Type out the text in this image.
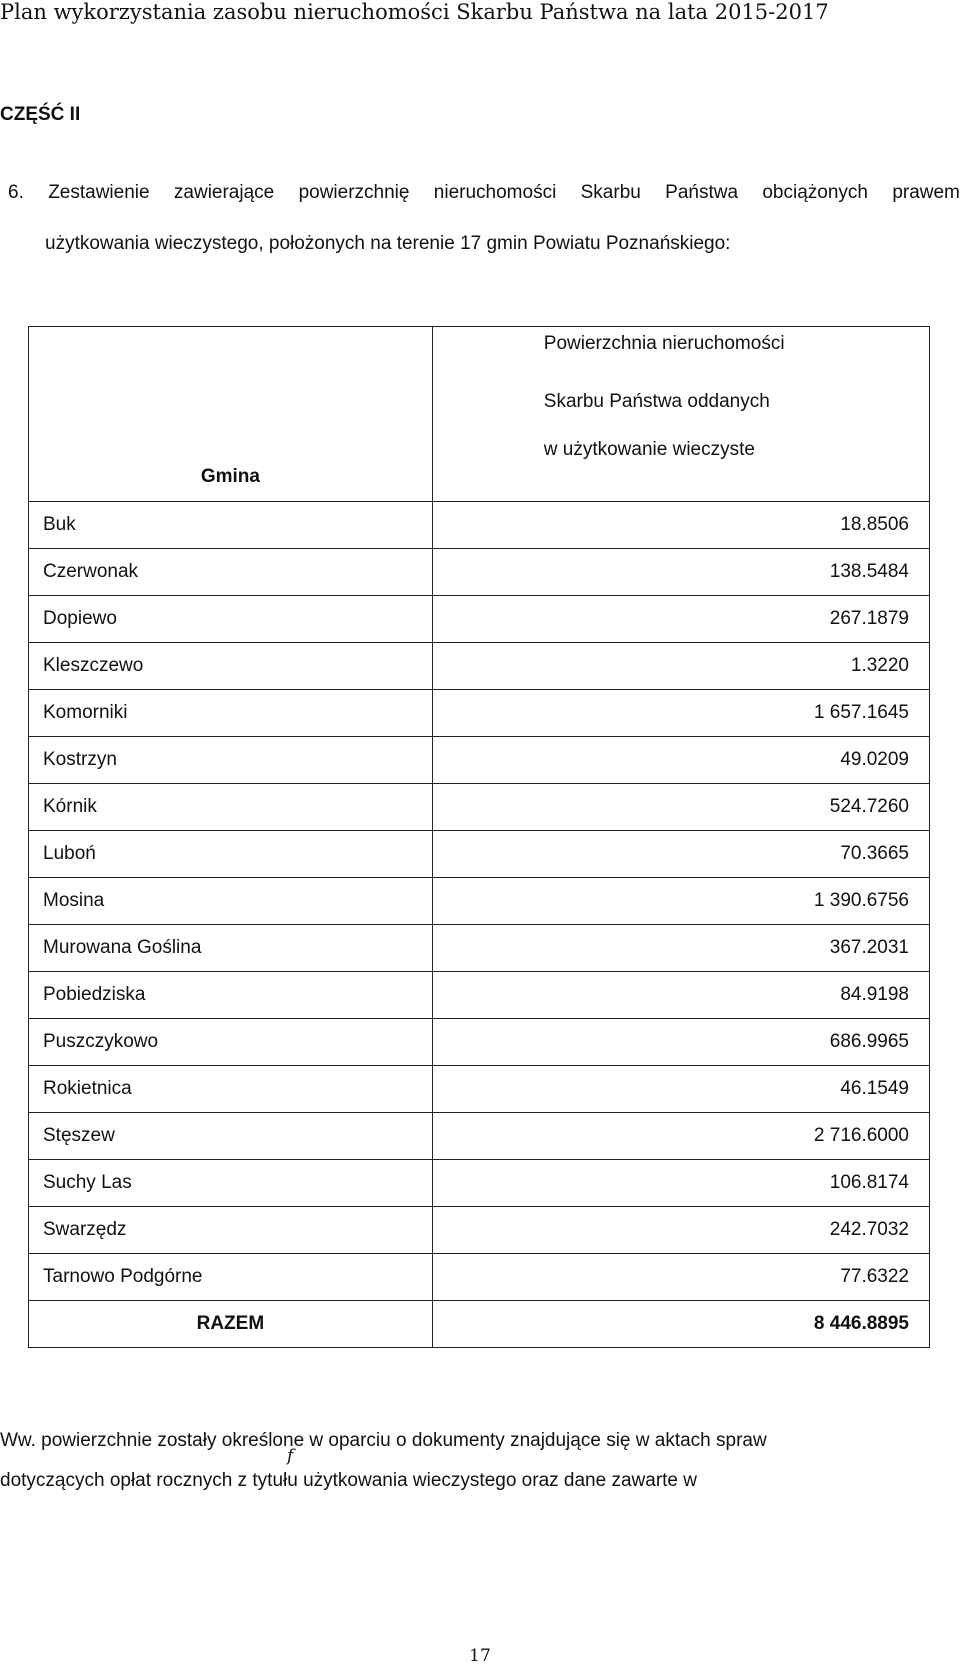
Plan wykorzystania zasobu nieruchomości Skarbu Państwa na lata 2015-2017
CZĘŚĆ II
6. Zestawienie zawierające powierzchnię nieruchomości Skarbu Państwa obciążonych prawem
użytkowania wieczystego, położonych na terenie 17 gmin Powiatu Poznańskiego:
Gmina	Powierzchnia nieruchomości
Skarbu Państwa oddanych
w użytkowanie wieczyste

Buk	18.8506
Czerwonak	138.5484
Dopiewo	267.1879
Kleszczewo	1.3220
Komorniki	1 657.1645
Kostrzyn	49.0209
Kórnik	524.7260
Luboń	70.3665
Mosina	1 390.6756
Murowana Goślina	367.2031
Pobiedziska	84.9198
Puszczykowo	686.9965
Rokietnica	46.1549
Stęszew	2 716.6000
Suchy Las	106.8174
Swarzędz	242.7032
Tarnowo Podgórne	77.6322
RAZEM	8 446.8895
Ww. powierzchnie zostały określone w oparciu o dokumenty znajdujące się w aktach spraw
f
dotyczących opłat rocznych z tytułu użytkowania wieczystego oraz dane zawarte w
17
